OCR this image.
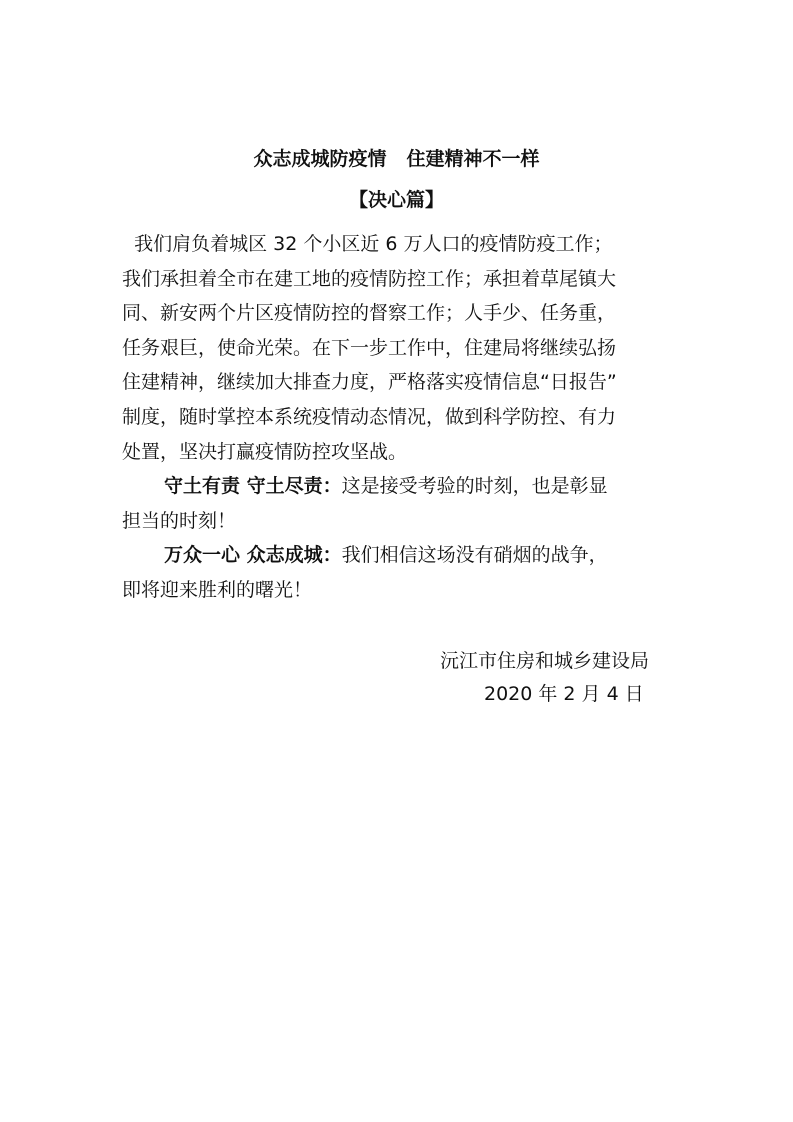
众志成城防疫情 住建精神不一样
【决心篇】
我们肩负着城区 32 个小区近 6 万人口的疫情防疫工作；
我们承担着全市在建工地的疫情防控工作；承担着草尾镇大
同、新安两个片区疫情防控的督察工作；人手少、任务重，
任务艰巨，使命光荣。在下一步工作中，住建局将继续弘扬
住建精神，继续加大排查力度，严格落实疫情信息“日报告”
制度，随时掌控本系统疫情动态情况，做到科学防控、有力
处置，坚决打赢疫情防控攻坚战。
守土有责 守土尽责：这是接受考验的时刻，也是彰显
担当的时刻！
万众一心 众志成城：我们相信这场没有硝烟的战争，
即将迎来胜利的曙光！
沅江市住房和城乡建设局
2020 年 2 月 4 日
